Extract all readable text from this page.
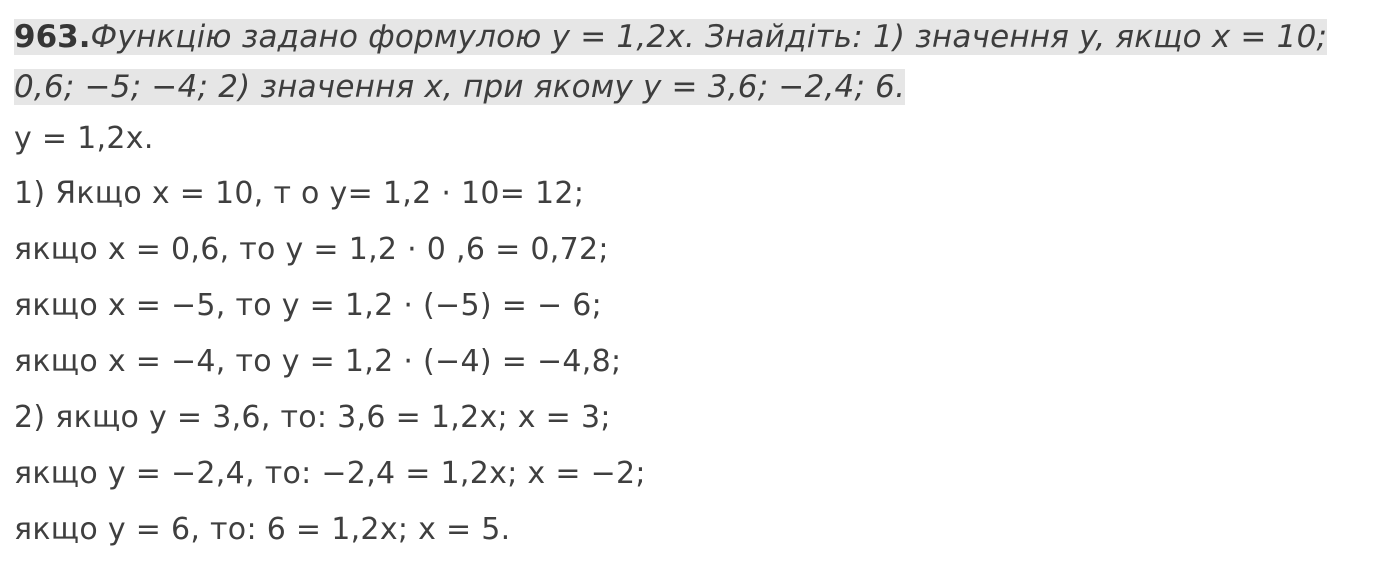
963.Функцію задано формулою y = 1,2x. Знайдіть: 1) значення y, якщо x = 10; 0,6; −5; −4; 2) значення x, при якому y = 3,6; −2,4; 6.

y = 1,2x.
1) Якщо x = 10, т о y= 1,2 · 10= 12;
якщо x = 0,6, то y = 1,2 · 0 ,6 = 0,72;
якщо x = −5, то y = 1,2 · (−5) = − 6;
якщо x = −4, то y = 1,2 · (−4) = −4,8;
2) якщо y = 3,6, то: 3,6 = 1,2x; x = 3;
якщо y = −2,4, то: −2,4 = 1,2x; x = −2;
якщо y = 6, то: 6 = 1,2x; x = 5.
